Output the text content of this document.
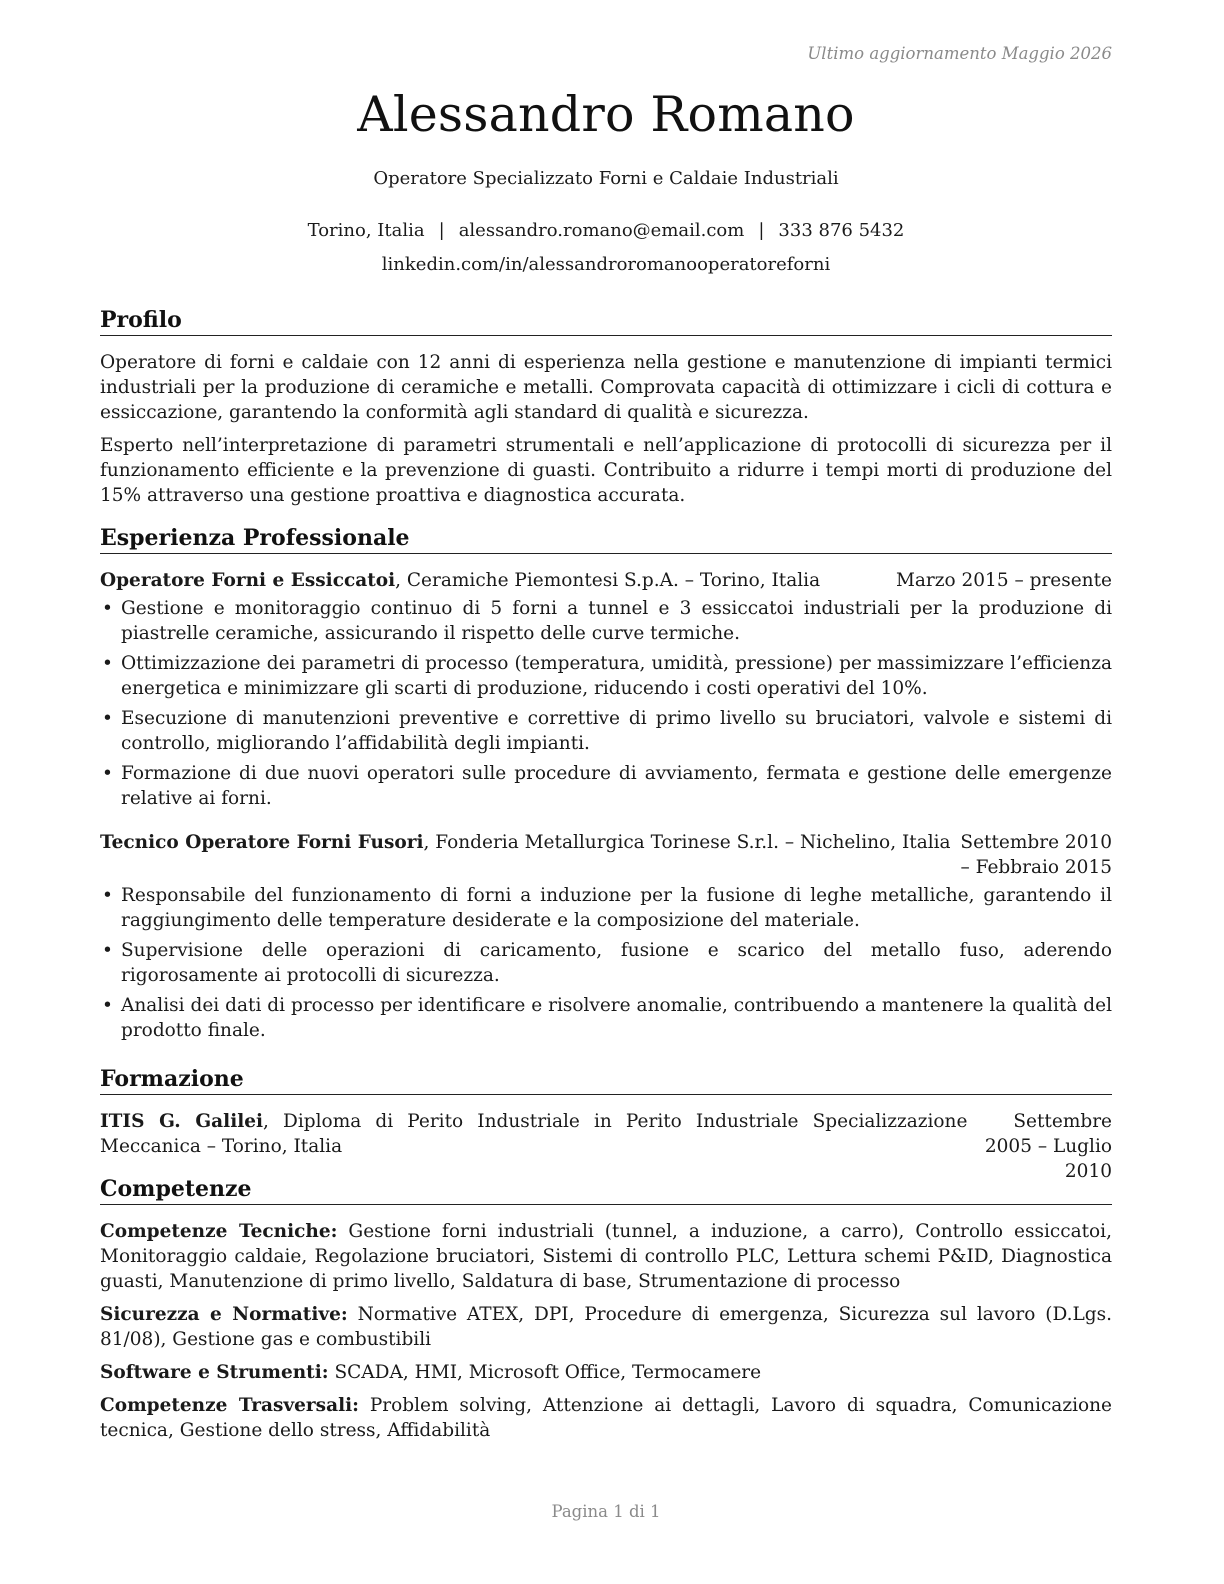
Ultimo aggiornamento Maggio 2026
Alessandro Romano
Operatore Specializzato Forni e Caldaie Industriali
Torino, Italia | alessandro.romano@email.com | 333 876 5432
linkedin.com/in/alessandroromanooperatoreforni
Profilo

Operatore di forni e caldaie con 12 anni di esperienza nella gestione e manutenzione di impianti termici industriali per la produzione di ceramiche e metalli. Comprovata capacità di ottimizzare i cicli di cottura e essiccazione, garantendo la conformità agli standard di qualità e sicurezza.

Esperto nell’interpretazione di parametri strumentali e nell’applicazione di protocolli di sicurezza per il funzionamento efficiente e la prevenzione di guasti. Contribuito a ridurre i tempi morti di produzione del 15% attraverso una gestione proattiva e diagnostica accurata.

Esperienza Professionale
Operatore Forni e Essiccatoi, Ceramiche Piemontesi S.p.A. – Torino, Italia	Marzo 2015 – presente
• Gestione e monitoraggio continuo di 5 forni a tunnel e 3 essiccatoi industriali per la produzione di piastrelle ceramiche, assicurando il rispetto delle curve termiche.
• Ottimizzazione dei parametri di processo (temperatura, umidità, pressione) per massimizzare l’efficienza energetica e minimizzare gli scarti di produzione, riducendo i costi operativi del 10%.
• Esecuzione di manutenzioni preventive e correttive di primo livello su bruciatori, valvole e sistemi di controllo, migliorando l’affidabilità degli impianti.
• Formazione di due nuovi operatori sulle procedure di avviamento, fermata e gestione delle emergenze relative ai forni.
Tecnico Operatore Forni Fusori, Fonderia Metallurgica Torinese S.r.l. – Nichelino, Italia Settembre 2010 – Febbraio 2015
• Responsabile del funzionamento di forni a induzione per la fusione di leghe metalliche, garantendo il raggiungimento delle temperature desiderate e la composizione del materiale.
• Supervisione delle operazioni di caricamento, fusione e scarico del metallo fuso, aderendo rigorosamente ai protocolli di sicurezza.
• Analisi dei dati di processo per identificare e risolvere anomalie, contribuendo a mantenere la qualità del prodotto finale.
Formazione
ITIS G. Galilei, Diploma di Perito Industriale in Perito Industriale Specializzazione Meccanica – Torino, Italia
Settembre 2005 – Luglio 2010
Competenze

Competenze Tecniche: Gestione forni industriali (tunnel, a induzione, a carro), Controllo essiccatoi, Monitoraggio caldaie, Regolazione bruciatori, Sistemi di controllo PLC, Lettura schemi P&ID, Diagnostica guasti, Manutenzione di primo livello, Saldatura di base, Strumentazione di processo

Sicurezza e Normative: Normative ATEX, DPI, Procedure di emergenza, Sicurezza sul lavoro (D.Lgs. 81/08), Gestione gas e combustibili

Software e Strumenti: SCADA, HMI, Microsoft Office, Termocamere

Competenze Trasversali: Problem solving, Attenzione ai dettagli, Lavoro di squadra, Comunicazione tecnica, Gestione dello stress, Affidabilità

Pagina 1 di 1
